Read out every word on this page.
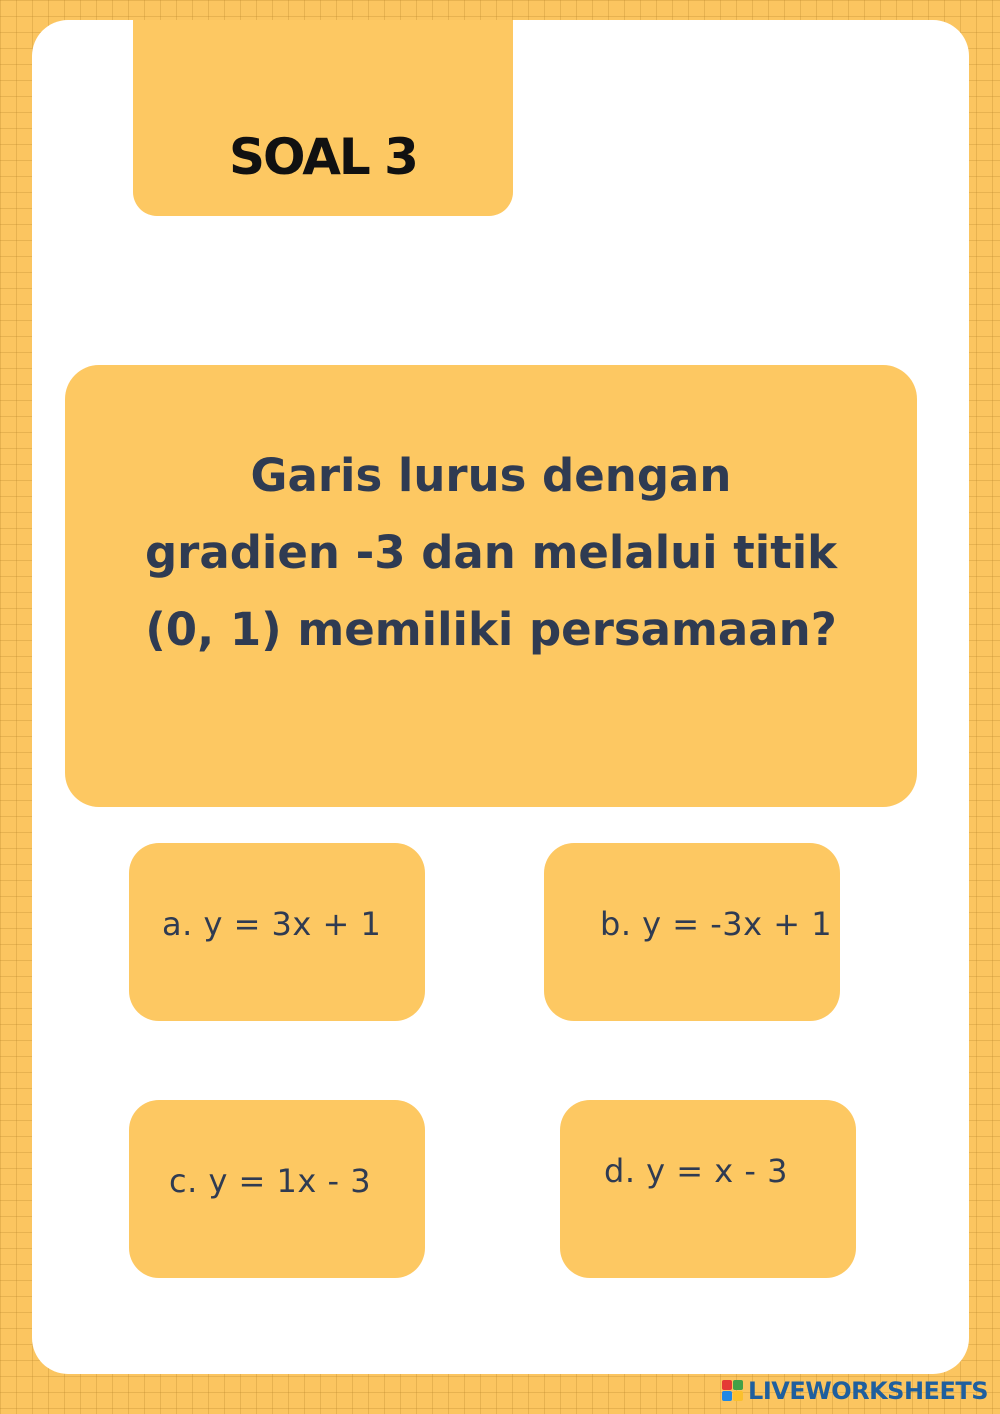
SOAL 3
Garis lurus dengan
gradien -3 dan melalui titik
(0, 1) memiliki persamaan?
a. y = 3x + 1	b. y = -3x + 1
c. y = 1x - 3	d. y = x - 3
LIVEWORKSHEETS
